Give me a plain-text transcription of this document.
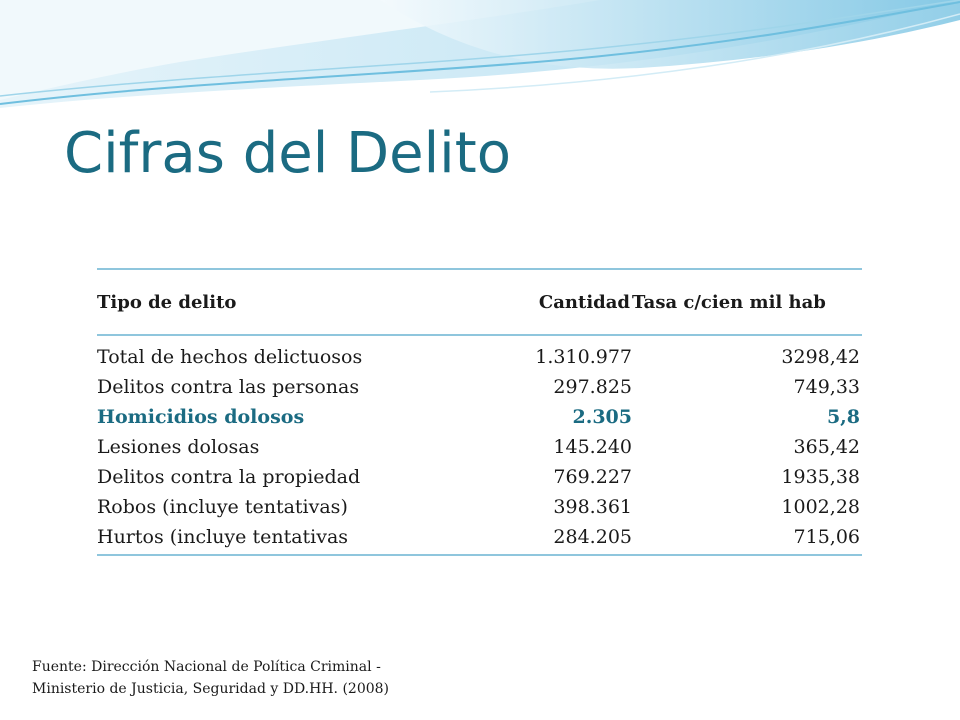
Cifras del Delito
Tipo de delito	Cantidad	Tasa c/cien mil hab
Total de hechos delictuosos	1.310.977	3298,42
Delitos contra las personas	297.825	749,33
Homicidios dolosos	2.305	5,8
Lesiones dolosas	145.240	365,42
Delitos contra la propiedad	769.227	1935,38
Robos (incluye tentativas)	398.361	1002,28
Hurtos (incluye tentativas	284.205	715,06
Fuente: Dirección Nacional de Política Criminal -
Ministerio de Justicia, Seguridad y DD.HH. (2008)
